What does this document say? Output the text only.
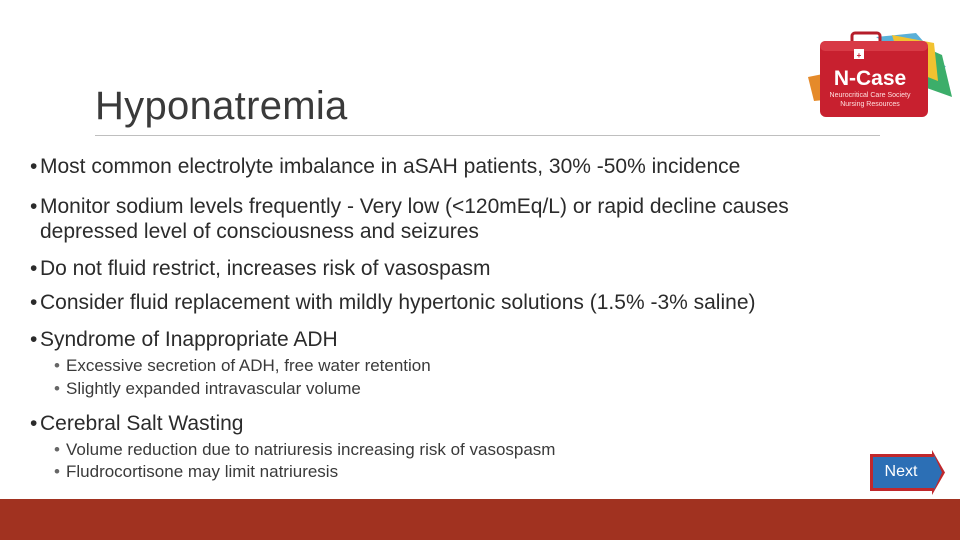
Hyponatremia
+
N-Case
Neurocritical Care Society
Nursing Resources
• Most common electrolyte imbalance in aSAH patients, 30% -50% incidence
• Monitor sodium levels frequently - Very low (<120mEq/L) or rapid decline causes
depressed level of consciousness and seizures
• Do not fluid restrict, increases risk of vasospasm
• Consider fluid replacement with mildly hypertonic solutions (1.5% -3% saline)
• Syndrome of Inappropriate ADH
• Excessive secretion of ADH, free water retention
• Slightly expanded intravascular volume
• Cerebral Salt Wasting
• Volume reduction due to natriuresis increasing risk of vasospasm
• Fludrocortisone may limit natriuresis	Next
